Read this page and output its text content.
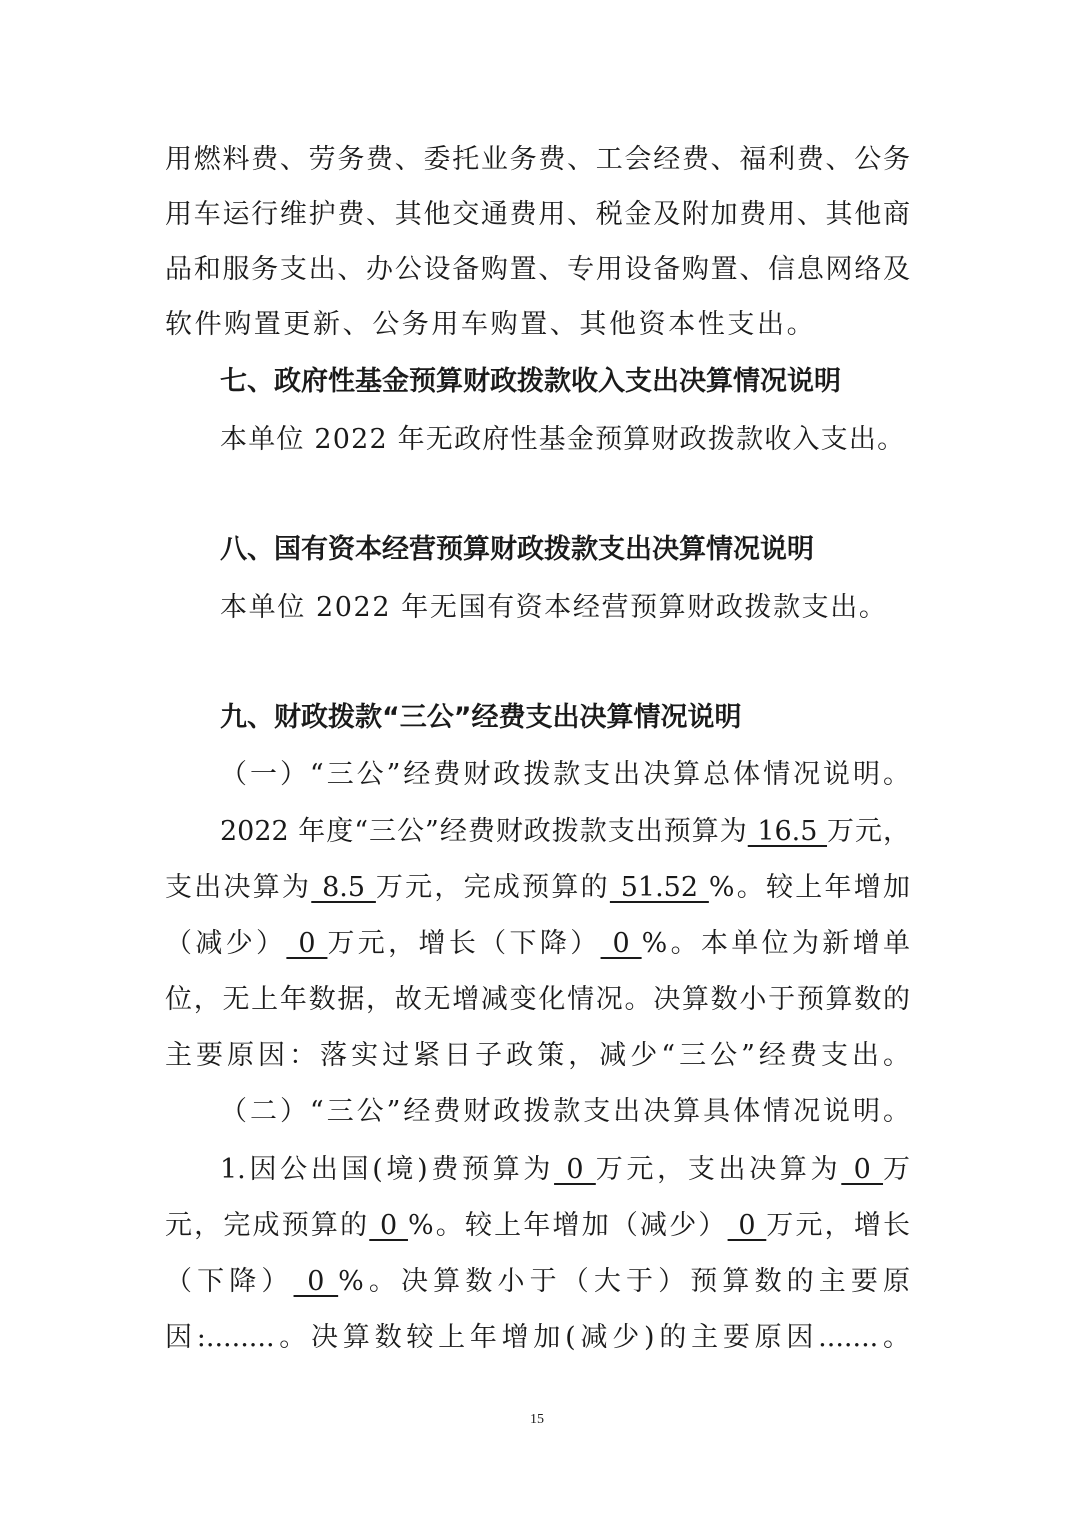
用燃料费、劳务费、委托业务费、工会经费、福利费、公务
用车运行维护费、其他交通费用、税金及附加费用、其他商
品和服务支出、办公设备购置、专用设备购置、信息网络及
软件购置更新、公务用车购置、其他资本性支出。
七、政府性基金预算财政拨款收入支出决算情况说明
本单位 2022 年无政府性基金预算财政拨款收入支出。
八、国有资本经营预算财政拨款支出决算情况说明
本单位 2022 年无国有资本经营预算财政拨款支出。
九、财政拨款“三公”经费支出决算情况说明
（一）“三公”经费财政拨款支出决算总体情况说明。
2022 年度“三公”经费财政拨款支出预算为 16.5 万元，
支出决算为 8.5 万元，完成预算的 51.52 %。较上年增加
（减少） 0 万元，增长（下降） 0 %。本单位为新增单
位，无上年数据，故无增减变化情况。决算数小于预算数的
主要原因：落实过紧日子政策，减少“三公”经费支出。
（二）“三公”经费财政拨款支出决算具体情况说明。
1.因公出国(境)费预算为 0 万元，支出决算为 0 万
元，完成预算的 0 %。较上年增加（减少） 0 万元，增长
（下降） 0 %。决算数小于（大于）预算数的主要原
因:........。决算数较上年增加(减少)的主要原因.......。
15
